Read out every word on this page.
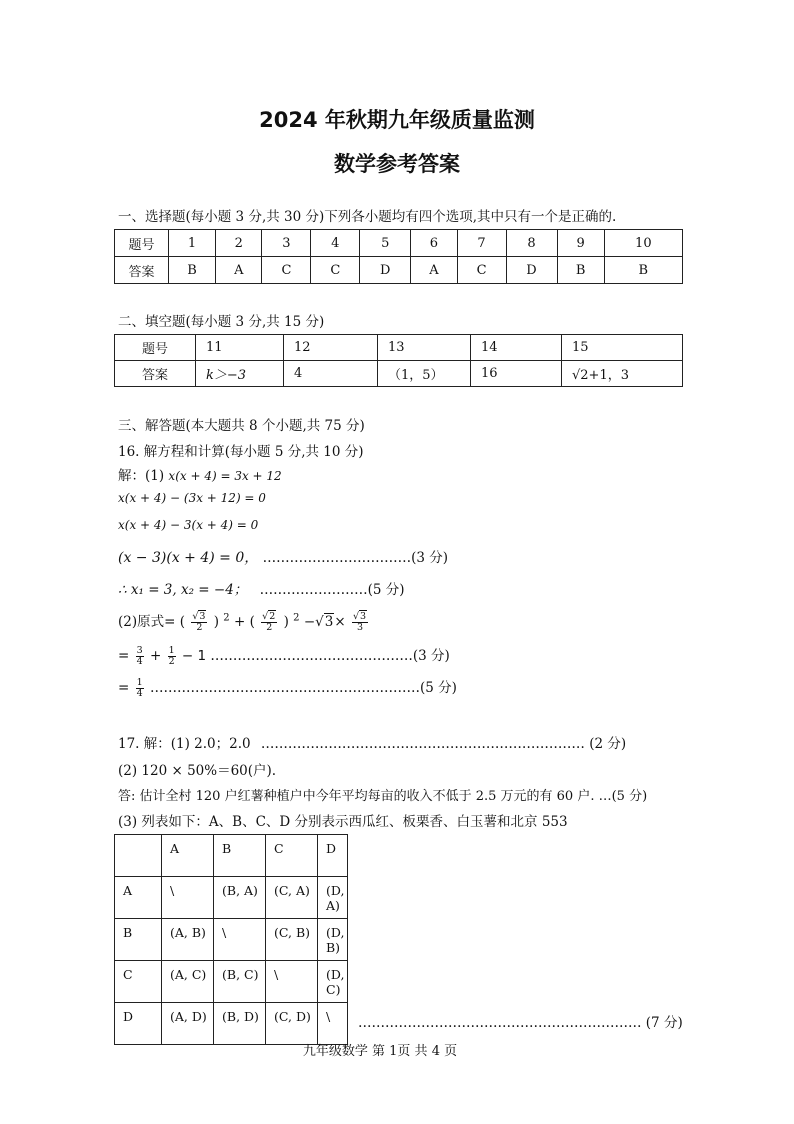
2024 年秋期九年级质量监测
数学参考答案
一、选择题(每小题 3 分,共 30 分)下列各小题均有四个选项,其中只有一个是正确的.
题号	1	2	3	4	5	6	7	8	9	10
答案	B	A	C	C	D	A	C	D	B	B
二、填空题(每小题 3 分,共 15 分)
题号	11	12	13	14	15
答案	k＞−3	4	（1，5）	16	√2+1，3
三、解答题(本大题共 8 个小题,共 75 分)
16. 解方程和计算(每小题 5 分,共 10 分)
解：(1) x(x + 4) = 3x + 12
x(x + 4) − (3x + 12) = 0
x(x + 4) − 3(x + 4) = 0
(x − 3)(x + 4) = 0， ……………………………(3 分)
∴ x₁ = 3, x₂ = −4； ……………………(5 分)
(2)原式= ( $\frac{√3}{2}$ ) $^2$ + ( $\frac{√2}{2}$ ) $^2 -√3\times \frac{√3}{3}$
= $\frac{3}{4} + \frac{1}{2} - 1$ ………………………………………(3 分)
= $\frac{1}{4}$ ……………………………………………………(5 分)
17. 解：(1) 2.0；2.0 ……………………………………………………………… (2 分)
(2) 120 × 50%＝60(户).
答: 估计全村 120 户红薯种植户中今年平均每亩的收入不低于 2.5 万元的有 60 户. …(5 分)
(3) 列表如下：A、B、C、D 分别表示西瓜红、板栗香、白玉薯和北京 553
	A	B	C	D
A	\	(B, A)	(C, A)	(D, A)
B	(A, B)	\	(C, B)	(D, B)
C	(A, C)	(B, C)	\	(D, C)
D	(A, D)	(B, D)	(C, D)	\ ……………………………………………………… (7 分)
九年级数学 第 1页 共 4 页
